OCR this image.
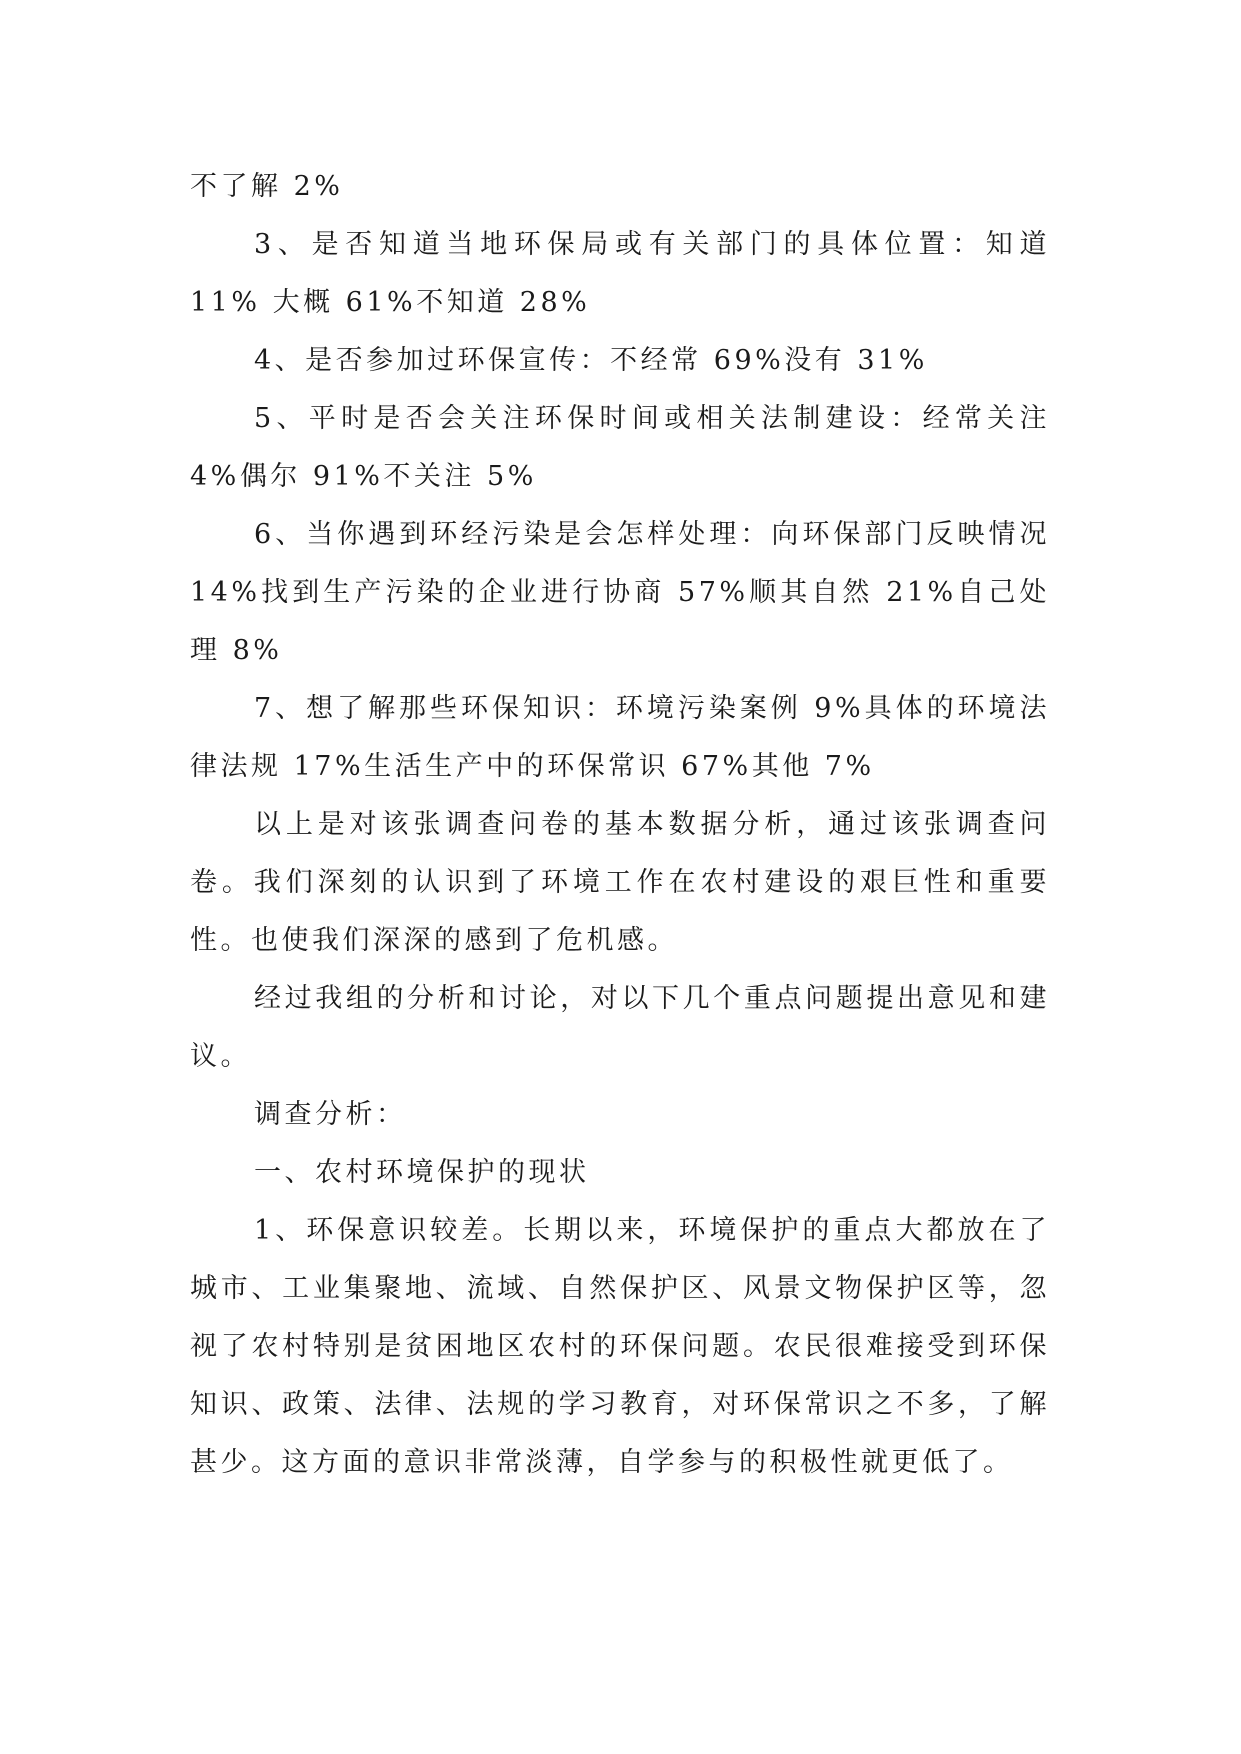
不了解 2%

3、是否知道当地环保局或有关部门的具体位置：知道 11% 大概 61%不知道 28%

4、是否参加过环保宣传：不经常 69%没有 31%

5、平时是否会关注环保时间或相关法制建设：经常关注 4%偶尔 91%不关注 5%

6、当你遇到环经污染是会怎样处理：向环保部门反映情况 14%找到生产污染的企业进行协商 57%顺其自然 21%自己处理 8%

7、想了解那些环保知识：环境污染案例 9%具体的环境法律法规 17%生活生产中的环保常识 67%其他 7%

以上是对该张调查问卷的基本数据分析，通过该张调查问卷。我们深刻的认识到了环境工作在农村建设的艰巨性和重要性。也使我们深深的感到了危机感。

经过我组的分析和讨论，对以下几个重点问题提出意见和建议。

调查分析：

一、农村环境保护的现状

1、环保意识较差。长期以来，环境保护的重点大都放在了城市、工业集聚地、流域、自然保护区、风景文物保护区等，忽视了农村特别是贫困地区农村的环保问题。农民很难接受到环保知识、政策、法律、法规的学习教育，对环保常识之不多，了解甚少。这方面的意识非常淡薄，自学参与的积极性就更低了。
